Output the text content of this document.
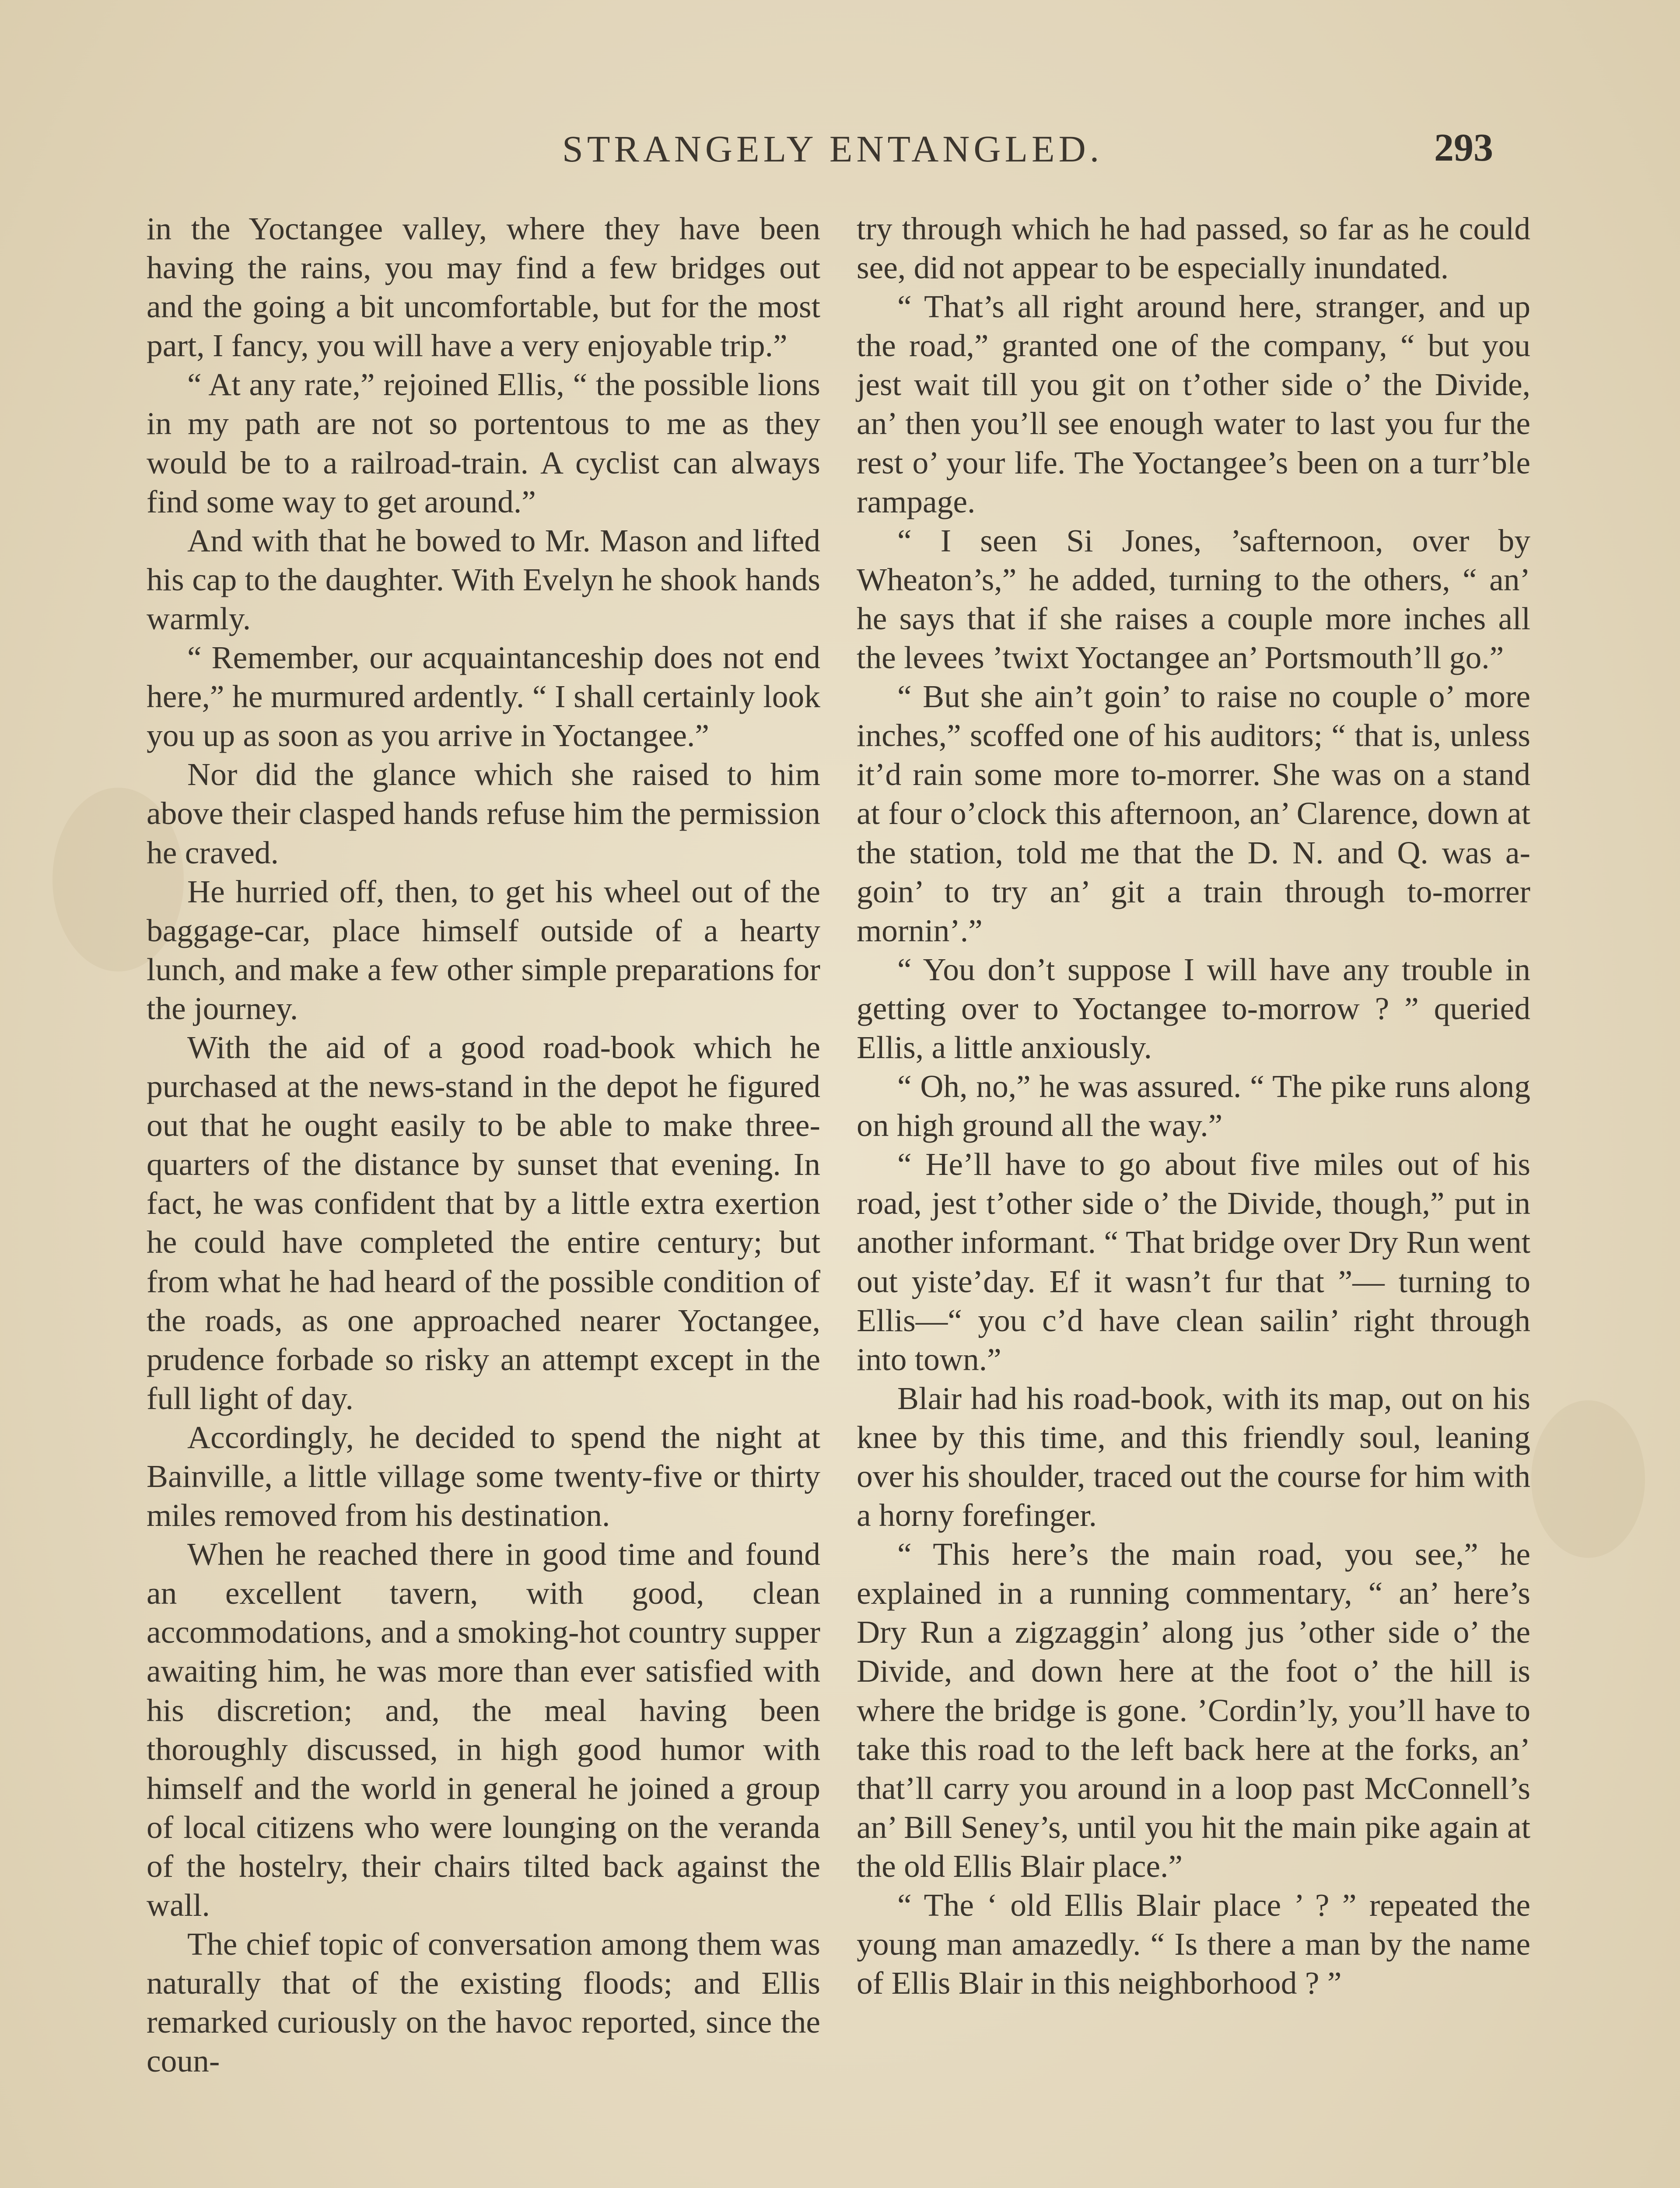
STRANGELY ENTANGLED.	293

in the Yoctangee valley, where they have been having the rains, you may find a few bridges out and the going a bit uncomfortable, but for the most part, I fancy, you will have a very enjoyable trip.”

“ At any rate,” rejoined Ellis, “ the possible lions in my path are not so portentous to me as they would be to a railroad-train. A cyclist can always find some way to get around.”

And with that he bowed to Mr. Mason and lifted his cap to the daughter. With Evelyn he shook hands warmly.

“ Remember, our acquaintanceship does not end here,” he murmured ardently. “ I shall certainly look you up as soon as you arrive in Yoctangee.”

Nor did the glance which she raised to him above their clasped hands refuse him the permission he craved.

He hurried off, then, to get his wheel out of the baggage-car, place himself outside of a hearty lunch, and make a few other simple preparations for the journey.

With the aid of a good road-book which he purchased at the news-stand in the depot he figured out that he ought easily to be able to make three-quarters of the distance by sunset that evening. In fact, he was confident that by a little extra exertion he could have completed the entire century; but from what he had heard of the possible condition of the roads, as one approached nearer Yoctangee, prudence forbade so risky an attempt except in the full light of day.

Accordingly, he decided to spend the night at Bainville, a little village some twenty-five or thirty miles removed from his destination.

When he reached there in good time and found an excellent tavern, with good, clean accommodations, and a smoking-hot country supper awaiting him, he was more than ever satisfied with his discretion; and, the meal having been thoroughly discussed, in high good humor with himself and the world in general he joined a group of local citizens who were lounging on the veranda of the hostelry, their chairs tilted back against the wall.

The chief topic of conversation among them was naturally that of the existing floods; and Ellis remarked curiously on the havoc reported, since the coun-

try through which he had passed, so far as he could see, did not appear to be especially inundated.

“ That’s all right around here, stranger, and up the road,” granted one of the company, “ but you jest wait till you git on t’other side o’ the Divide, an’ then you’ll see enough water to last you fur the rest o’ your life. The Yoctangee’s been on a turr’ble rampage.

“ I seen Si Jones, ’safternoon, over by Wheaton’s,” he added, turning to the others, “ an’ he says that if she raises a couple more inches all the levees ’twixt Yoctangee an’ Portsmouth’ll go.”

“ But she ain’t goin’ to raise no couple o’ more inches,” scoffed one of his auditors; “ that is, unless it’d rain some more to-morrer. She was on a stand at four o’clock this afternoon, an’ Clarence, down at the station, told me that the D. N. and Q. was a-goin’ to try an’ git a train through to-morrer mornin’.”

“ You don’t suppose I will have any trouble in getting over to Yoctangee to-morrow ? ” queried Ellis, a little anxiously.

“ Oh, no,” he was assured. “ The pike runs along on high ground all the way.”

“ He’ll have to go about five miles out of his road, jest t’other side o’ the Divide, though,” put in another informant. “ That bridge over Dry Run went out yiste’day. Ef it wasn’t fur that ”— turning to Ellis—“ you c’d have clean sailin’ right through into town.”

Blair had his road-book, with its map, out on his knee by this time, and this friendly soul, leaning over his shoulder, traced out the course for him with a horny forefinger.

“ This here’s the main road, you see,” he explained in a running commentary, “ an’ here’s Dry Run a zigzaggin’ along jus ’other side o’ the Divide, and down here at the foot o’ the hill is where the bridge is gone. ’Cordin’ly, you’ll have to take this road to the left back here at the forks, an’ that’ll carry you around in a loop past McConnell’s an’ Bill Seney’s, until you hit the main pike again at the old Ellis Blair place.”

“ The ‘ old Ellis Blair place ’ ? ” repeated the young man amazedly. “ Is there a man by the name of Ellis Blair in this neighborhood ? ”
